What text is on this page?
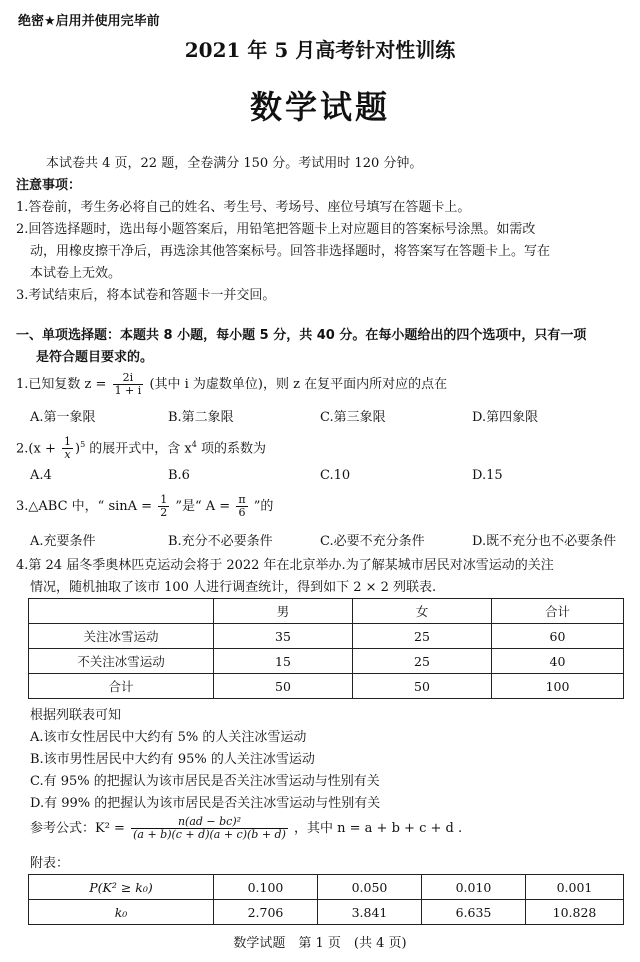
绝密★启用并使用完毕前
2021 年 5 月高考针对性训练
数学试题
本试卷共 4 页，22 题，全卷满分 150 分。考试用时 120 分钟。
注意事项：
1.答卷前，考生务必将自己的姓名、考生号、考场号、座位号填写在答题卡上。
2.回答选择题时，选出每小题答案后，用铅笔把答题卡上对应题目的答案标号涂黑。如需改
动，用橡皮擦干净后，再选涂其他答案标号。回答非选择题时，将答案写在答题卡上。写在
本试卷上无效。
3.考试结束后，将本试卷和答题卡一并交回。
一、单项选择题：本题共 8 小题，每小题 5 分，共 40 分。在每小题给出的四个选项中，只有一项
是符合题目要求的。
1.已知复数 $z = \frac{2i}{1 + i}$ (其中 i 为虚数单位)，则 z 在复平面内所对应的点在
A.第一象限	B.第二象限	C.第三象限	D.第四象限
$2.(x + \frac{1}{x} )^5$ 的展开式中，含 $x^4$ 项的系数为
A.4	B.6	C.10	D.15
3.△ABC 中，“ $\sin A = \frac{1}{2}$ ”是“ $A = \frac{\pi}{6}$ ”的
A.充要条件	B.充分不必要条件	C.必要不充分条件	D.既不充分也不必要条件
4.第 24 届冬季奥林匹克运动会将于 2022 年在北京举办.为了解某城市居民对冰雪运动的关注
情况，随机抽取了该市 100 人进行调查统计，得到如下 2 × 2 列联表.
	男	女	合计
关注冰雪运动	35	25	60
不关注冰雪运动	15	25	40
合计	50	50	100
根据列联表可知
A.该市女性居民中大约有 5% 的人关注冰雪运动
B.该市男性居民中大约有 95% 的人关注冰雪运动
C.有 95% 的把握认为该市居民是否关注冰雪运动与性别有关
D.有 99% 的把握认为该市居民是否关注冰雪运动与性别有关
参考公式：$K^2 = \frac{\text{n(ad − bc)²}}{(a + b)(c + d)(a + c)(b + d)}$ ，其中 n = a + b + c + d .
附表：
P(K² ≥ k₀)	0.100	0.050	0.010	0.001
k₀	2.706	3.841	6.635	10.828
数学试题　第 1 页　(共 4 页)
